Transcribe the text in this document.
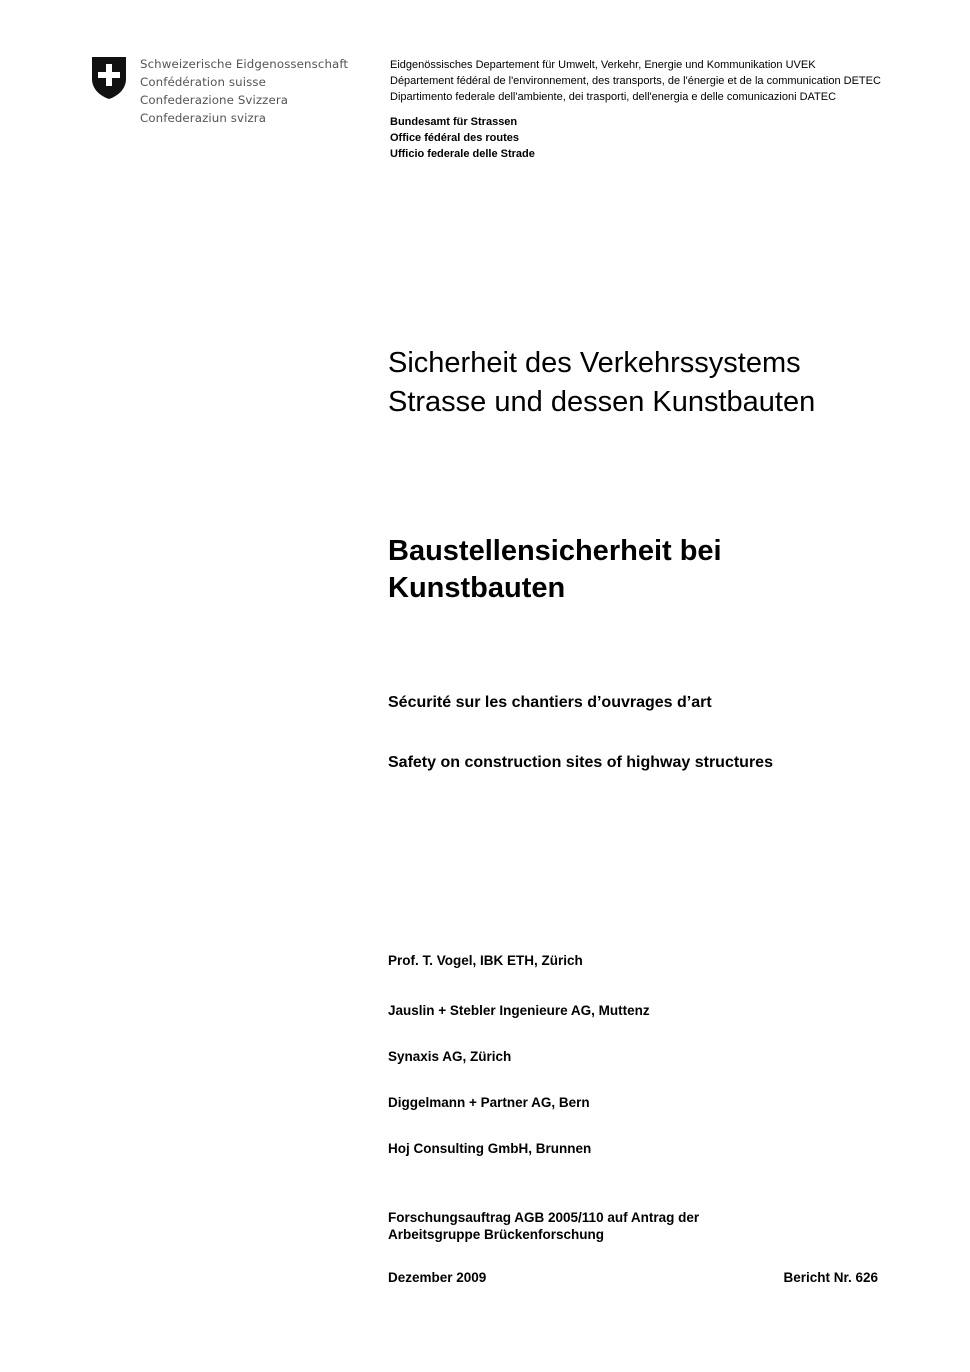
Schweizerische Eidgenossenschaft
Confédération suisse
Confederazione Svizzera
Confederaziun svizra
Eidgenössisches Departement für Umwelt, Verkehr, Energie und Kommunikation UVEK
Département fédéral de l'environnement, des transports, de l'énergie et de la communication DETEC
Dipartimento federale dell'ambiente, dei trasporti, dell'energia e delle comunicazioni DATEC
Bundesamt für Strassen
Office fédéral des routes
Ufficio federale delle Strade
Sicherheit des Verkehrssystems
Strasse und dessen Kunstbauten
Baustellensicherheit bei
Kunstbauten
Sécurité sur les chantiers d’ouvrages d’art
Safety on construction sites of highway structures
Prof. T. Vogel, IBK ETH, Zürich
Jauslin + Stebler Ingenieure AG, Muttenz
Synaxis AG, Zürich
Diggelmann + Partner AG, Bern
Hoj Consulting GmbH, Brunnen
Forschungsauftrag AGB 2005/110 auf Antrag der
Arbeitsgruppe Brückenforschung
Dezember 2009	Bericht Nr. 626
